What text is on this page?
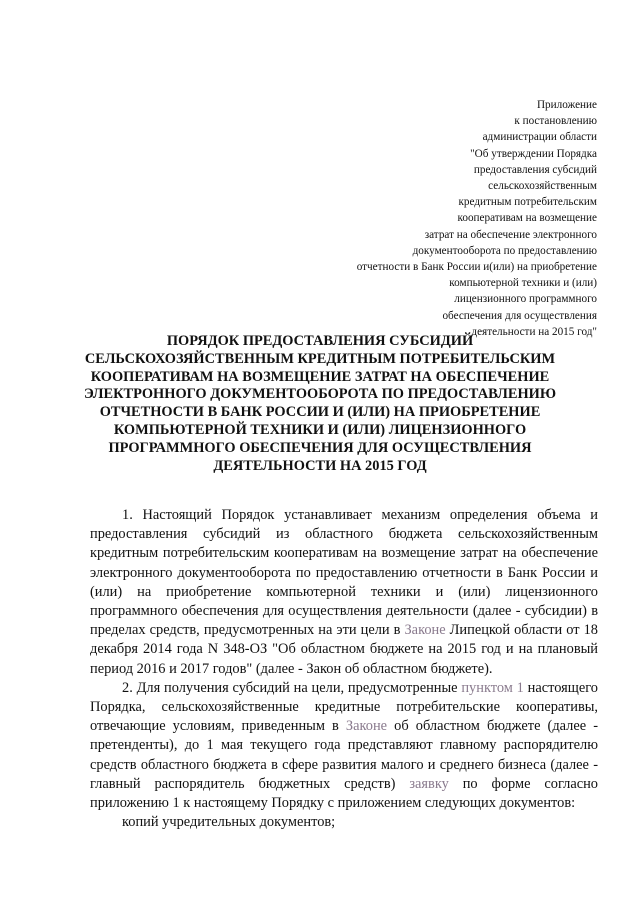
Приложение
к постановлению
администрации области
"Об утверждении Порядка
предоставления субсидий
сельскохозяйственным
кредитным потребительским
кооперативам на возмещение
затрат на обеспечение электронного
документооборота по предоставлению
отчетности в Банк России и(или) на приобретение
компьютерной техники и (или)
лицензионного программного
обеспечения для осуществления
деятельности на 2015 год"
ПОРЯДОК ПРЕДОСТАВЛЕНИЯ СУБСИДИЙ
СЕЛЬСКОХОЗЯЙСТВЕННЫМ КРЕДИТНЫМ ПОТРЕБИТЕЛЬСКИМ
КООПЕРАТИВАМ НА ВОЗМЕЩЕНИЕ ЗАТРАТ НА ОБЕСПЕЧЕНИЕ
ЭЛЕКТРОННОГО ДОКУМЕНТООБОРОТА ПО ПРЕДОСТАВЛЕНИЮ
ОТЧЕТНОСТИ В БАНК РОССИИ И (ИЛИ) НА ПРИОБРЕТЕНИЕ
КОМПЬЮТЕРНОЙ ТЕХНИКИ И (ИЛИ) ЛИЦЕНЗИОННОГО
ПРОГРАММНОГО ОБЕСПЕЧЕНИЯ ДЛЯ ОСУЩЕСТВЛЕНИЯ
ДЕЯТЕЛЬНОСТИ НА 2015 ГОД

1. Настоящий Порядок устанавливает механизм определения объема и предоставления субсидий из областного бюджета сельскохозяйственным кредитным потребительским кооперативам на возмещение затрат на обеспечение электронного документооборота по предоставлению отчетности в Банк России и (или) на приобретение компьютерной техники и (или) лицензионного программного обеспечения для осуществления деятельности (далее - субсидии) в пределах средств, предусмотренных на эти цели в Законе Липецкой области от 18 декабря 2014 года N 348-ОЗ "Об областном бюджете на 2015 год и на плановый период 2016 и 2017 годов" (далее - Закон об областном бюджете).

2. Для получения субсидий на цели, предусмотренные пунктом 1 настоящего Порядка, сельскохозяйственные кредитные потребительские кооперативы, отвечающие условиям, приведенным в Законе об областном бюджете (далее - претенденты), до 1 мая текущего года представляют главному распорядителю средств областного бюджета в сфере развития малого и среднего бизнеса (далее - главный распорядитель бюджетных средств) заявку по форме согласно приложению 1 к настоящему Порядку с приложением следующих документов:

копий учредительных документов;
